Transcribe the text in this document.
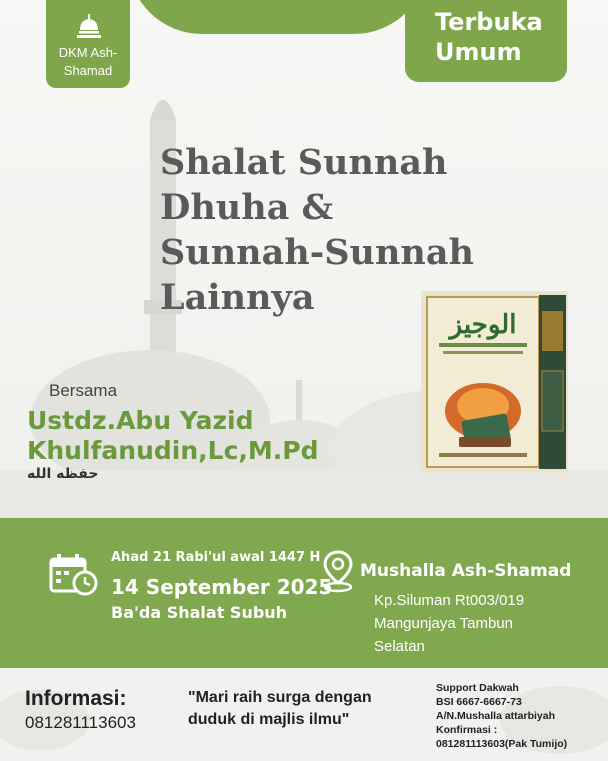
DKM Ash-
Shamad
Terbuka
Umum
Shalat Sunnah
Dhuha &
Sunnah-Sunnah
Lainnya
الوجيز
Bersama
Ustdz.Abu Yazid
Khulfanudin,Lc,M.Pd
حفظه الله
Ahad 21 Rabi'ul awal 1447 H
14 September 2025
Ba'da Shalat Subuh
Mushalla Ash-Shamad
Kp.Siluman Rt003/019
Mangunjaya Tambun
Selatan
Informasi:
081281113603
"Mari raih surga dengan
duduk di majlis ilmu"
Support Dakwah
BSI 6667-6667-73
A/N.Mushalla attarbiyah
Konfirmasi :
081281113603(Pak Tumijo)
